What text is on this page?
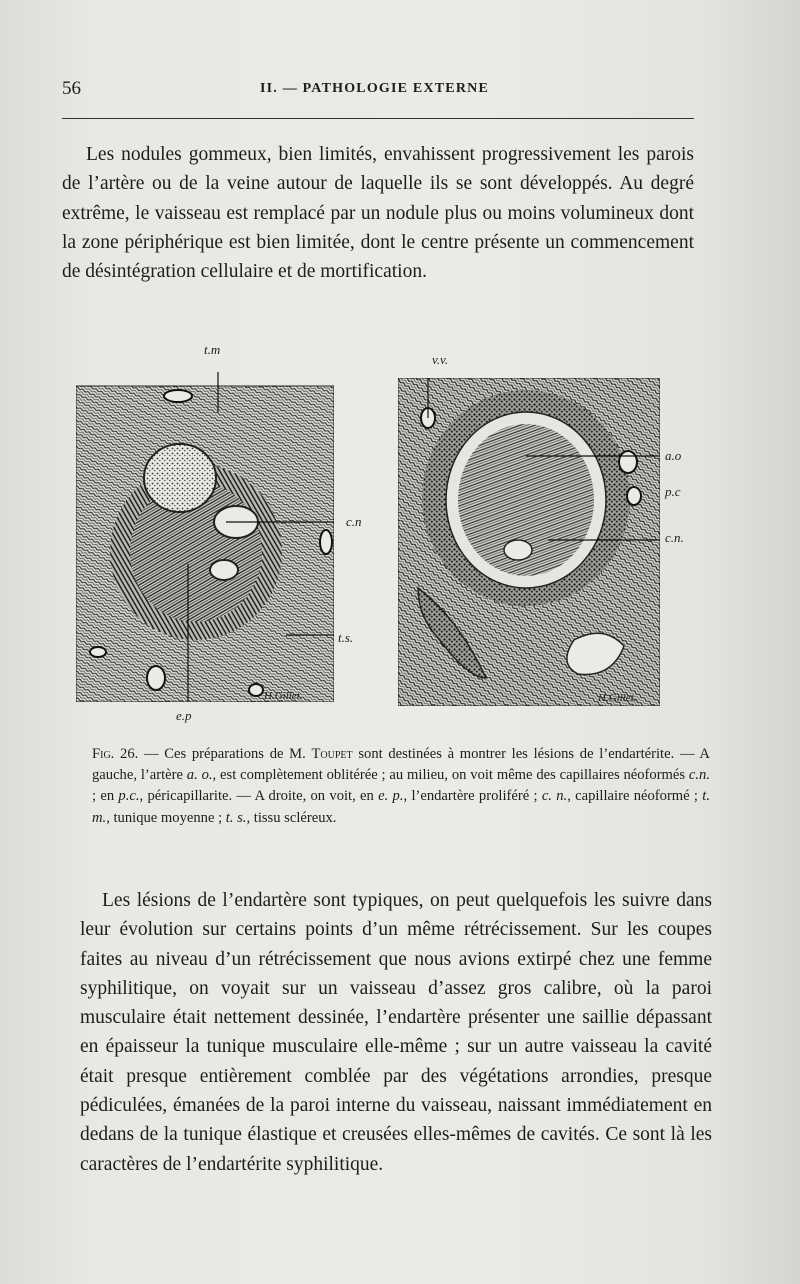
56	II. — PATHOLOGIE EXTERNE

Les nodules gommeux, bien limités, envahissent progressivement les parois de l’artère ou de la veine autour de laquelle ils se sont développés. Au degré extrême, le vaisseau est remplacé par un nodule plus ou moins volumineux dont la zone périphérique est bien limitée, dont le centre présente un commencement de désintégration cellulaire et de mortification.

t.m
c.n
t.s.
e.p
H.Gillet.
v.v.
a.o
p.c
c.n.
H.Gillet.

Fig. 26. — Ces préparations de M. Toupet sont destinées à montrer les lésions de l’endartérite. — A gauche, l’artère a. o., est complètement oblitérée ; au milieu, on voit même des capillaires néoformés c.n. ; en p.c., péricapillarite. — A droite, on voit, en e. p., l’endartère proliféré ; c. n., capillaire néoformé ; t. m., tunique moyenne ; t. s., tissu scléreux.

Les lésions de l’endartère sont typiques, on peut quelquefois les suivre dans leur évolution sur certains points d’un même rétrécissement. Sur les coupes faites au niveau d’un rétrécissement que nous avions extirpé chez une femme syphilitique, on voyait sur un vaisseau d’assez gros calibre, où la paroi musculaire était nettement dessinée, l’endartère présenter une saillie dépassant en épaisseur la tunique musculaire elle-même ; sur un autre vaisseau la cavité était presque entièrement comblée par des végétations arrondies, presque pédiculées, émanées de la paroi interne du vaisseau, naissant immédiatement en dedans de la tunique élastique et creusées elles-mêmes de cavités. Ce sont là les caractères de l’endartérite syphilitique.
